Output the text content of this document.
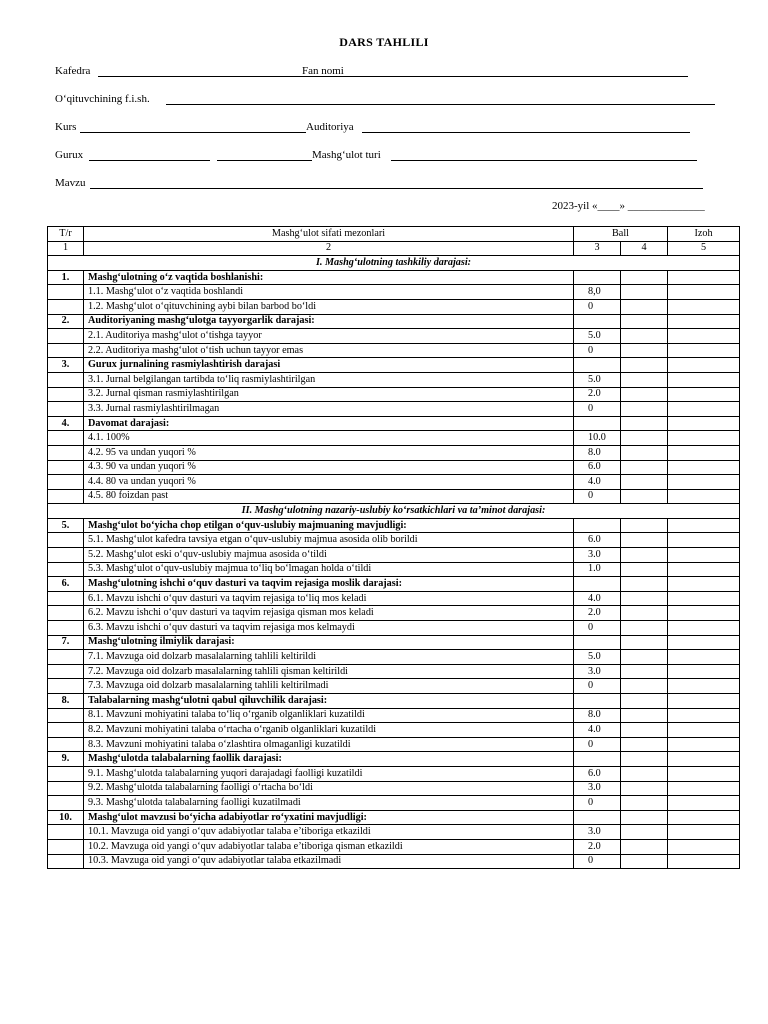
DARS TAHLILI
Kafedra	Fan nomi
O‘qituvchining f.i.sh.
Kurs	Auditoriya
Gurux	Mashg‘ulot turi
Mavzu
2023-yil «____» ______________
T/r	Mashg‘ulot sifati mezonlari	Ball		Izoh
1	2	3	4	5
I. Mashg‘ulotning tashkiliy darajasi:				
1.	Mashg‘ulotning o‘z vaqtida boshlanishi:			
	1.1. Mashg‘ulot o‘z vaqtida boshlandi	8,0		
	1.2. Mashg‘ulot o‘qituvchining aybi bilan barbod bo‘ldi	0		
2.	Auditoriyaning mashg‘ulotga tayyorgarlik darajasi:			
	2.1. Auditoriya mashg‘ulot o‘tishga tayyor	5.0		
	2.2. Auditoriya mashg‘ulot o‘tish uchun tayyor emas	0		
3.	Gurux jurnalining rasmiylashtirish darajasi			
	3.1. Jurnal belgilangan tartibda to‘liq rasmiylashtirilgan	5.0		
	3.2. Jurnal qisman rasmiylashtirilgan	2.0		
	3.3. Jurnal rasmiylashtirilmagan	0		
4.	Davomat darajasi:			
	4.1. 100%	10.0		
	4.2. 95 va undan yuqori %	8.0		
	4.3. 90 va undan yuqori %	6.0		
	4.4. 80 va undan yuqori %	4.0		
	4.5. 80 foizdan past	0		
II. Mashg‘ulotning nazariy-uslubiy ko‘rsatkichlari va ta’minot darajasi:				
5.	Mashg‘ulot bo‘yicha chop etilgan o‘quv-uslubiy majmuaning mavjudligi:			
	5.1. Mashg‘ulot kafedra tavsiya etgan o‘quv-uslubiy majmua asosida olib borildi	6.0		
	5.2. Mashg‘ulot eski o‘quv-uslubiy majmua asosida o‘tildi	3.0		
	5.3. Mashg‘ulot o‘quv-uslubiy majmua to‘liq bo‘lmagan holda o‘tildi	1.0		
6.	Mashg‘ulotning ishchi o‘quv dasturi va taqvim rejasiga moslik darajasi:			
	6.1. Mavzu ishchi o‘quv dasturi va taqvim rejasiga to‘liq mos keladi	4.0		
	6.2. Mavzu ishchi o‘quv dasturi va taqvim rejasiga qisman mos keladi	2.0		
	6.3. Mavzu ishchi o‘quv dasturi va taqvim rejasiga mos kelmaydi	0		
7.	Mashg‘ulotning ilmiylik darajasi:			
	7.1. Mavzuga oid dolzarb masalalarning tahlili keltirildi	5.0		
	7.2. Mavzuga oid dolzarb masalalarning tahlili qisman keltirildi	3.0		
	7.3. Mavzuga oid dolzarb masalalarning tahlili keltirilmadi	0		
8.	Talabalarning mashg‘ulotni qabul qiluvchilik darajasi:			
	8.1. Mavzuni mohiyatini talaba to‘liq o‘rganib olganliklari kuzatildi	8.0		
	8.2. Mavzuni mohiyatini talaba o‘rtacha o‘rganib olganliklari kuzatildi	4.0		
	8.3. Mavzuni mohiyatini talaba o‘zlashtira olmaganligi kuzatildi	0		
9.	Mashg‘ulotda talabalarning faollik darajasi:			
	9.1. Mashg‘ulotda talabalarning yuqori darajadagi faolligi kuzatildi	6.0		
	9.2. Mashg‘ulotda talabalarning faolligi o‘rtacha bo‘ldi	3.0		
	9.3. Mashg‘ulotda talabalarning faolligi kuzatilmadi	0		
10.	Mashg‘ulot mavzusi bo‘yicha adabiyotlar ro‘yxatini mavjudligi:			
	10.1. Mavzuga oid yangi o‘quv adabiyotlar talaba e’tiboriga etkazildi	3.0		
	10.2. Mavzuga oid yangi o‘quv adabiyotlar talaba e’tiboriga qisman etkazildi	2.0		
	10.3. Mavzuga oid yangi o‘quv adabiyotlar talaba etkazilmadi	0		
